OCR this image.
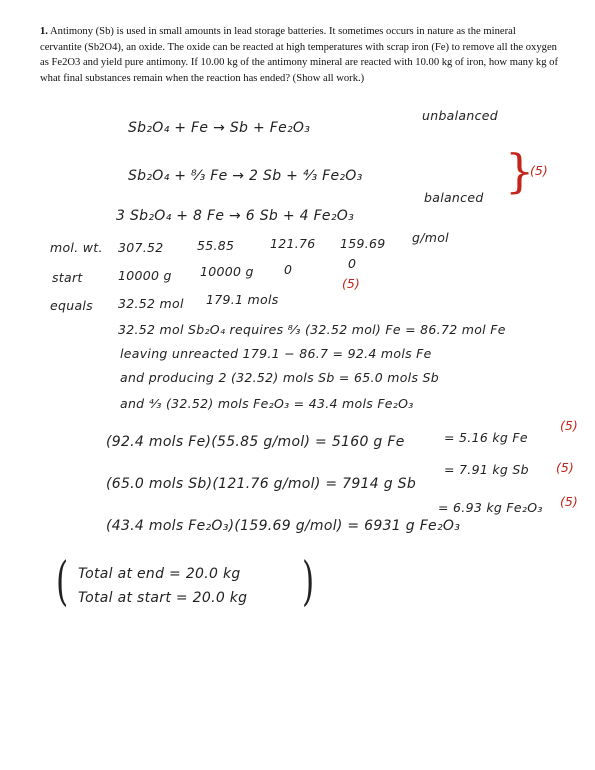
1. Antimony (Sb) is used in small amounts in lead storage batteries. It sometimes occurs in nature as the mineral cervantite (Sb2O4), an oxide. The oxide can be reacted at high temperatures with scrap iron (Fe) to remove all the oxygen as Fe2O3 and yield pure antimony. If 10.00 kg of the antimony mineral are reacted with 10.00 kg of iron, how many kg of what final substances remain when the reaction has ended? (Show all work.)
Sb₂O₄ + Fe → Sb + Fe₂O₃
unbalanced
Sb₂O₄ + ⁸⁄₃ Fe → 2 Sb + ⁴⁄₃ Fe₂O₃
3 Sb₂O₄ + 8 Fe → 6 Sb + 4 Fe₂O₃
balanced }
(5)
mol. wt. 307.52	55.85	121.76 159.69 g/mol
start	10000 g 10000 g 0	0
equals 32.52 mol 179.1 mols
(5)
32.52 mol Sb₂O₄ requires ⁸⁄₃ (32.52 mol) Fe = 86.72 mol Fe
leaving unreacted 179.1 − 86.7 = 92.4 mols Fe
and producing 2 (32.52) mols Sb = 65.0 mols Sb
and ⁴⁄₃ (32.52) mols Fe₂O₃ = 43.4 mols Fe₂O₃
(92.4 mols Fe)(55.85 g/mol) = 5160 g Fe	= 5.16 kg Fe
(5)
(65.0 mols Sb)(121.76 g/mol) = 7914 g Sb
= 7.91 kg Sb (5)
(43.4 mols Fe₂O₃)(159.69 g/mol) = 6931 g Fe₂O₃
= 6.93 kg Fe₂O₃ (5)
( Total at end = 20.0 kg
Total at start = 20.0 kg )
